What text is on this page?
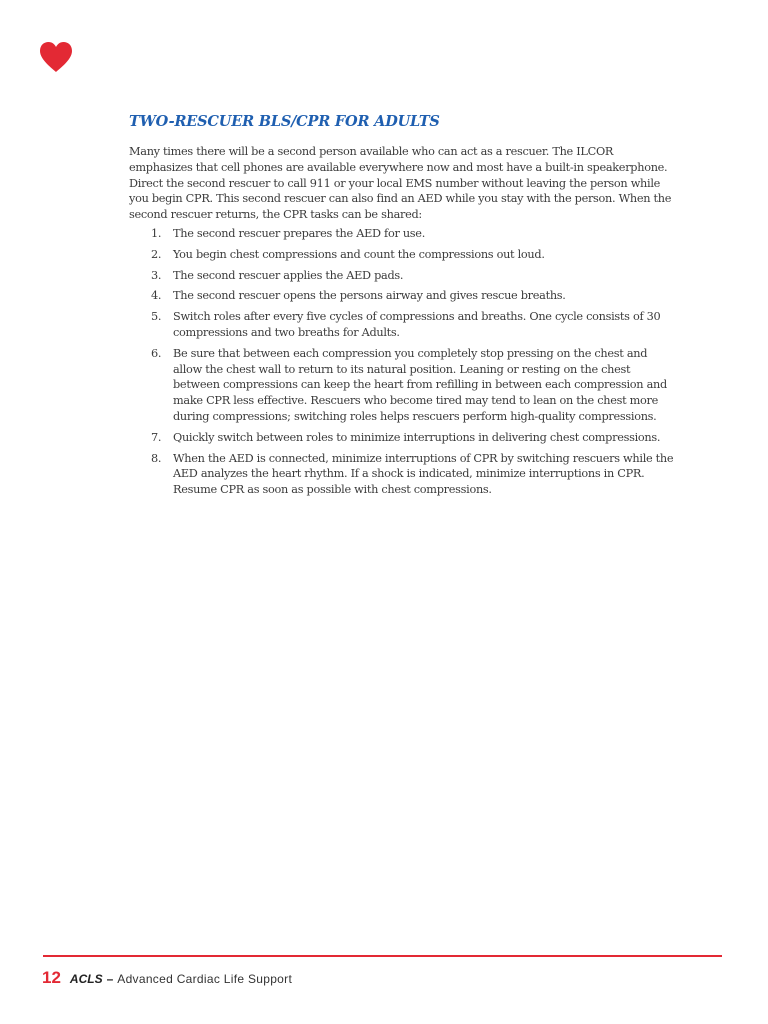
TWO-RESCUER BLS/CPR FOR ADULTS

Many times there will be a second person available who can act as a rescuer. The ILCOR emphasizes that cell phones are available everywhere now and most have a built-in speakerphone. Direct the second rescuer to call 911 or your local EMS number without leaving the person while you begin CPR. This second rescuer can also find an AED while you stay with the person. When the second rescuer returns, the CPR tasks can be shared:

1. The second rescuer prepares the AED for use.
2. You begin chest compressions and count the compressions out loud.
3. The second rescuer applies the AED pads.
4. The second rescuer opens the persons airway and gives rescue breaths.
5. Switch roles after every five cycles of compressions and breaths. One cycle consists of 30 compressions and two breaths for Adults.
6. Be sure that between each compression you completely stop pressing on the chest and allow the chest wall to return to its natural position. Leaning or resting on the chest between compressions can keep the heart from refilling in between each compression and make CPR less effective. Rescuers who become tired may tend to lean on the chest more during compressions; switching roles helps rescuers perform high-quality compressions.
7. Quickly switch between roles to minimize interruptions in delivering chest compressions.
8. When the AED is connected, minimize interruptions of CPR by switching rescuers while the AED analyzes the heart rhythm. If a shock is indicated, minimize interruptions in CPR. Resume CPR as soon as possible with chest compressions.
12 ACLS – Advanced Cardiac Life Support
